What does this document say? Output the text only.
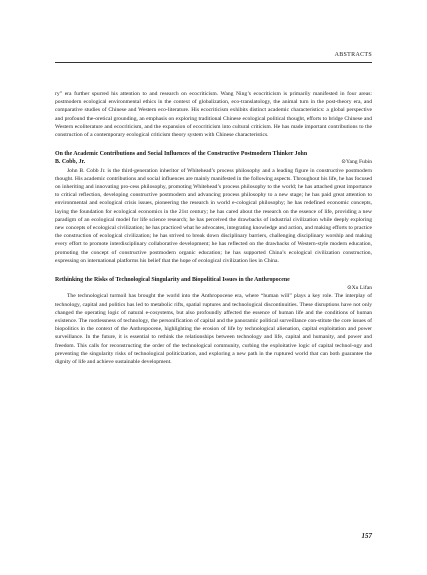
ABSTRACTS

ry” era further spurred his attention to and research on ecocriticism. Wang Ning’s ecocriticism is primarily manifested in four areas: postmodern ecological environmental ethics in the context of globalization, eco-translatology, the animal turn in the post-theory era, and comparative studies of Chinese and Western eco-literature. His ecocriticism exhibits distinct academic characteristics: a global perspective and profound the-oretical grounding, an emphasis on exploring traditional Chinese ecological political thought, efforts to bridge Chinese and Western ecoliterature and ecocriticism, and the expansion of ecocriticism into cultural criticism. He has made important contributions to the construction of a contemporary ecological criticism theory system with Chinese characteristics.

On the Academic Contributions and Social Influences of the Constructive Postmodern Thinker John

B. Cobb, Jr.	⊙Yang Fubin

John B. Cobb Jr. is the third-generation inheritor of Whitehead’s process philosophy and a leading figure in constructive postmodern thought. His academic contributions and social influences are mainly manifested in the following aspects. Throughout his life, he has focused on inheriting and innovating pro-cess philosophy, promoting Whitehead’s process philosophy to the world; he has attached great importance to critical reflection, developing constructive postmodern and advancing process philosophy to a new stage; he has paid great attention to environmental and ecological crisis issues, pioneering the research in world e-cological philosophy; he has redefined economic concepts, laying the foundation for ecological economics in the 21st century; he has cared about the research on the essence of life, providing a new paradigm of an ecological model for life science research; he has perceived the drawbacks of industrial civilization while deeply exploring new concepts of ecological civilization; he has practiced what he advocates, integrating knowledge and action, and making efforts to practice the construction of ecological civilization; he has strived to break down disciplinary barriers, challenging disciplinary worship and making every effort to promote interdisciplinary collaborative development; he has reflected on the drawbacks of Western-style modern education, promoting the concept of constructive postmodern organic education; he has supported China’s ecological civilization construction, expressing on international platforms his belief that the hope of ecological civilization lies in China.

Rethinking the Risks of Technological Singularity and Biopolitical Issues in the Anthropocene

⊙Xu Lifan

The technological turmoil has brought the world into the Anthropocene era, where “human will” plays a key role. The interplay of technology, capital and politics has led to metabolic rifts, spatial ruptures and technological discontinuities. These disruptions have not only changed the operating logic of natural e-cosystems, but also profoundly affected the essence of human life and the conditions of human existence. The rootlessness of technology, the personification of capital and the panoramic political surveillance con-stitute the core issues of biopolitics in the context of the Anthropocene, highlighting the erosion of life by technological alienation, capital exploitation and power surveillance. In the future, it is essential to rethink the relationships between technology and life, capital and humanity, and power and freedom. This calls for reconstructing the order of the technological community, curbing the exploitative logic of capital technol-ogy and preventing the singularity risks of technological politicization, and exploring a new path in the ruptured world that can both guarantee the dignity of life and achieve sustainable development.

157
